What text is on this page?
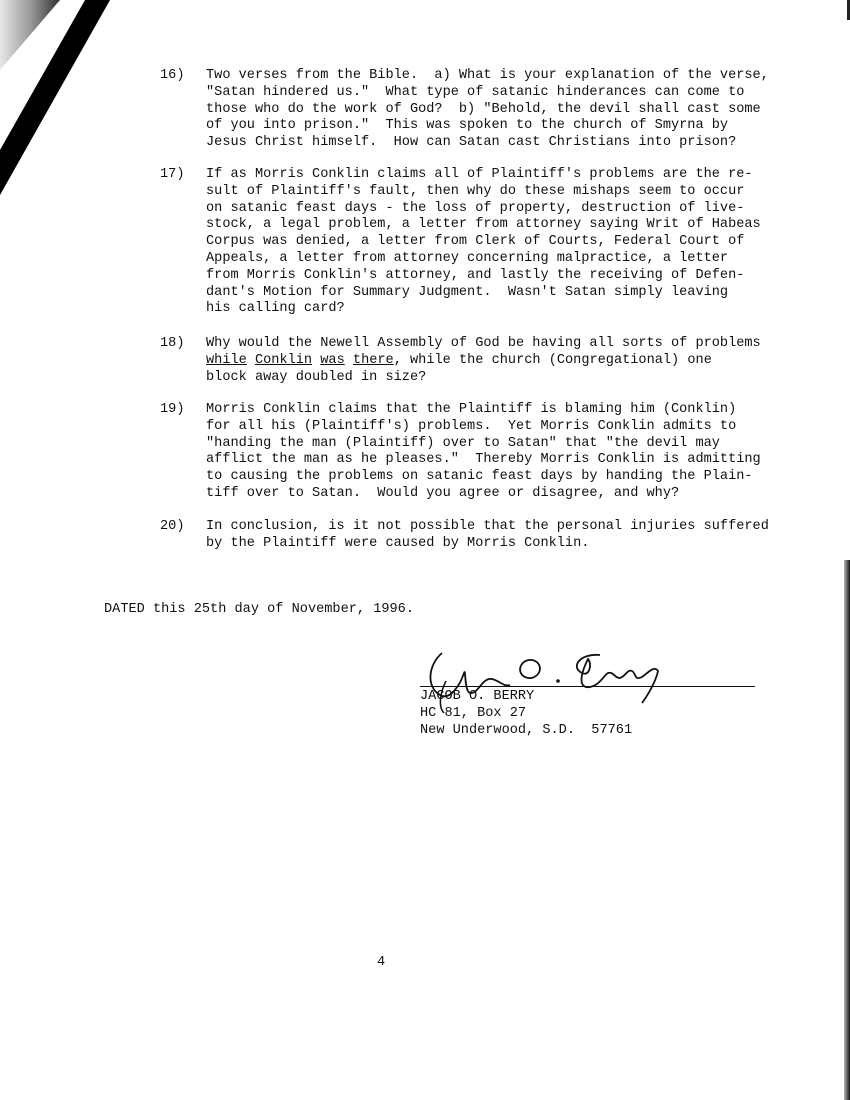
16)	Two verses from the Bible.  a) What is your explanation of the verse,
"Satan hindered us."  What type of satanic hinderances can come to
those who do the work of God?  b) "Behold, the devil shall cast some
of you into prison."  This was spoken to the church of Smyrna by
Jesus Christ himself.  How can Satan cast Christians into prison?
17)	If as Morris Conklin claims all of Plaintiff's problems are the re-
sult of Plaintiff's fault, then why do these mishaps seem to occur
on satanic feast days - the loss of property, destruction of live-
stock, a legal problem, a letter from attorney saying Writ of Habeas
Corpus was denied, a letter from Clerk of Courts, Federal Court of
Appeals, a letter from attorney concerning malpractice, a letter
from Morris Conklin's attorney, and lastly the receiving of Defen-
dant's Motion for Summary Judgment.  Wasn't Satan simply leaving
his calling card?
18)	Why would the Newell Assembly of God be having all sorts of problems
while Conklin was there, while the church (Congregational) one
block away doubled in size?
19)	Morris Conklin claims that the Plaintiff is blaming him (Conklin)
for all his (Plaintiff's) problems.  Yet Morris Conklin admits to
"handing the man (Plaintiff) over to Satan" that "the devil may
afflict the man as he pleases."  Thereby Morris Conklin is admitting
to causing the problems on satanic feast days by handing the Plain-
tiff over to Satan.  Would you agree or disagree, and why?
20)	In conclusion, is it not possible that the personal injuries suffered
by the Plaintiff were caused by Morris Conklin.
DATED this 25th day of November, 1996.
JACOB O. BERRY
HC 81, Box 27
New Underwood, S.D.  57761
4
